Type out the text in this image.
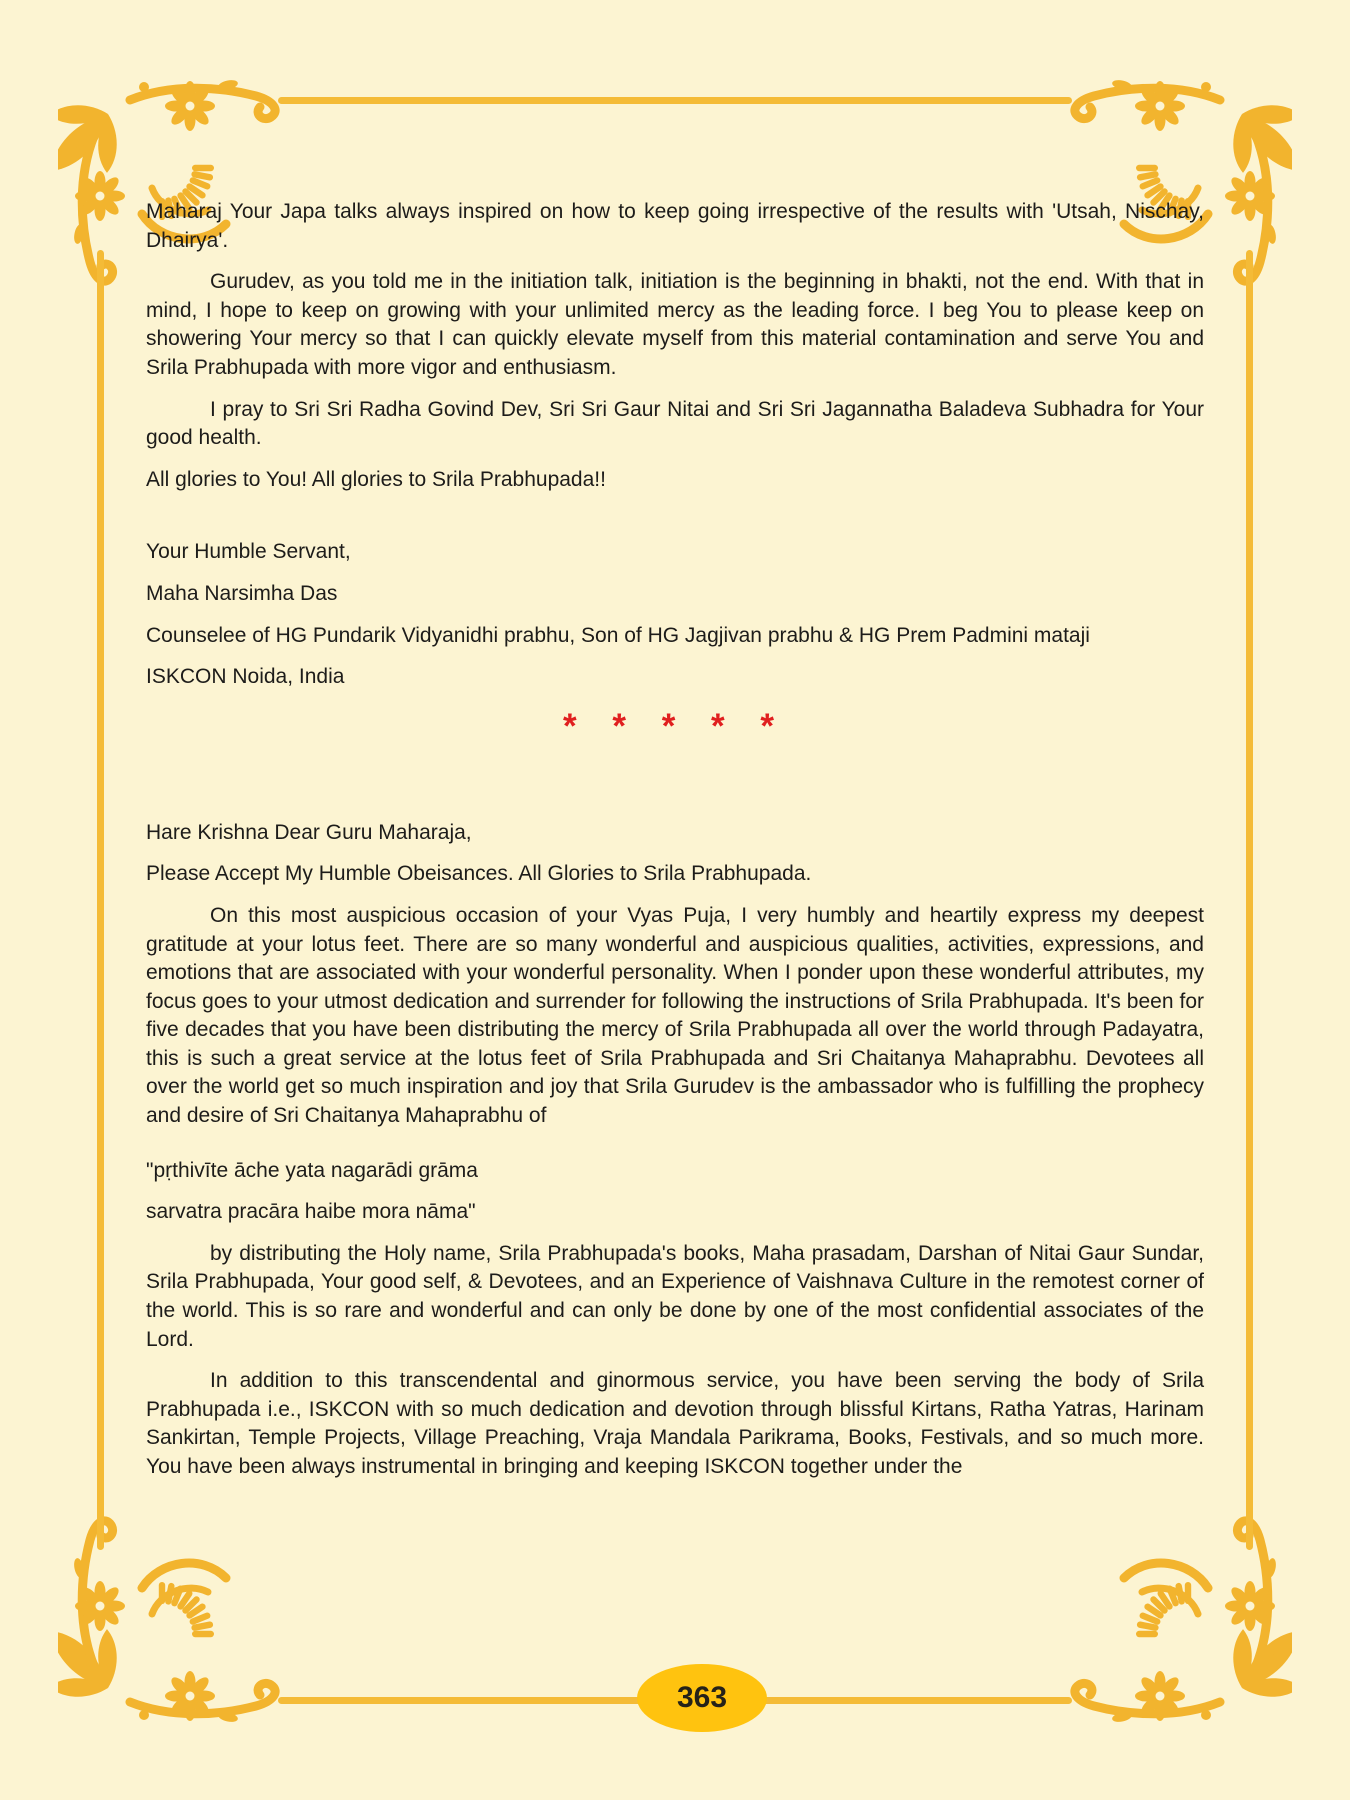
Maharaj Your Japa talks always inspired on how to keep going irrespective of the results with 'Utsah, Nischay, Dhairya'.

Gurudev, as you told me in the initiation talk, initiation is the beginning in bhakti, not the end. With that in mind, I hope to keep on growing with your unlimited mercy as the leading force. I beg You to please keep on showering Your mercy so that I can quickly elevate myself from this material contamination and serve You and Srila Prabhupada with more vigor and enthusiasm.

I pray to Sri Sri Radha Govind Dev, Sri Sri Gaur Nitai and Sri Sri Jagannatha Baladeva Subhadra for Your good health.

All glories to You! All glories to Srila Prabhupada!!

Your Humble Servant,

Maha Narsimha Das

Counselee of HG Pundarik Vidyanidhi prabhu, Son of HG Jagjivan prabhu & HG Prem Padmini mataji

ISKCON Noida, India

* * * * *

Hare Krishna Dear Guru Maharaja,

Please Accept My Humble Obeisances. All Glories to Srila Prabhupada.

On this most auspicious occasion of your Vyas Puja, I very humbly and heartily express my deepest gratitude at your lotus feet. There are so many wonderful and auspicious qualities, activities, expressions, and emotions that are associated with your wonderful personality. When I ponder upon these wonderful attributes, my focus goes to your utmost dedication and surrender for following the instructions of Srila Prabhupada. It's been for five decades that you have been distributing the mercy of Srila Prabhupada all over the world through Padayatra, this is such a great service at the lotus feet of Srila Prabhupada and Sri Chaitanya Mahaprabhu. Devotees all over the world get so much inspiration and joy that Srila Gurudev is the ambassador who is fulfilling the prophecy and desire of Sri Chaitanya Mahaprabhu of

"pṛthivīte āche yata nagarādi grāma

sarvatra pracāra haibe mora nāma"

by distributing the Holy name, Srila Prabhupada's books, Maha prasadam, Darshan of Nitai Gaur Sundar, Srila Prabhupada, Your good self, & Devotees, and an Experience of Vaishnava Culture in the remotest corner of the world. This is so rare and wonderful and can only be done by one of the most confidential associates of the Lord.

In addition to this transcendental and ginormous service, you have been serving the body of Srila Prabhupada i.e., ISKCON with so much dedication and devotion through blissful Kirtans, Ratha Yatras, Harinam Sankirtan, Temple Projects, Village Preaching, Vraja Mandala Parikrama, Books, Festivals, and so much more. You have been always instrumental in bringing and keeping ISKCON together under the

363
